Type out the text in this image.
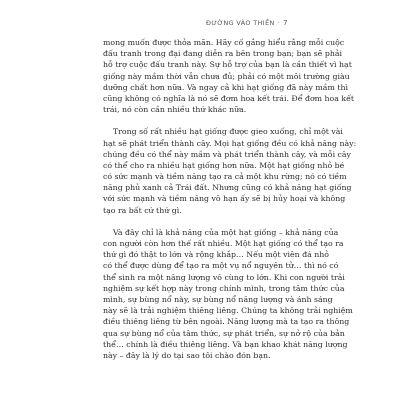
ĐƯỜNG VÀO THIỀN · 7
mong muốn được thỏa mãn. Hãy cố gắng hiểu rằng mỗi cuộc
đấu tranh trong đại đang diễn ra bên trong bạn; bạn sẽ phải
hỗ trợ cuộc đấu tranh này. Sự hỗ trợ của bạn là cần thiết vì hạt
giống này mầm thời vẫn chưa đủ; phải có một môi trường giàu
dưỡng chất hơn nữa. Và ngay cả khi hạt giống đã này mầm thì
cũng không có nghĩa là nó sẽ đơm hoa kết trái. Để đơm hoa kết
trái, nó còn cần nhiều thứ khác nữa.
Trong số rất nhiều hạt giống được gieo xuống, chỉ một vài
hạt sẽ phát triển thành cây. Mọi hạt giống đều có khả năng này:
chúng đều có thể này mầm và phát triển thành cây, và mỗi cây
có thể cho ra nhiều hạt giống hơn nữa. Một hạt giống nhỏ bé
có sức mạnh và tiềm năng tạo ra cả một khu rừng; nó có tiềm
năng phủ xanh cả Trái đất. Nhưng cũng có khả năng hạt giống
với sức mạnh và tiềm năng vô hạn ấy sẽ bị hủy hoại và không
tạo ra bất cứ thứ gì.
Và đây chỉ là khả năng của một hạt giống – khả năng của
con người còn hơn thế rất nhiều. Một hạt giống có thể tạo ra
thứ gì đó thật to lớn và rộng khắp… Nếu một viên đá nhỏ
có thể được dùng để tạo ra một vụ nổ nguyên tử… thì nó có
thể sinh ra một năng lượng vô cùng to lớn. Khi con người trải
nghiệm sự kết hợp này trong chính mình, trong tâm thức của
mình, sự bùng nổ này, sự bùng nổ năng lượng và ánh sáng
này sẽ là trải nghiệm thiêng liêng. Chúng ta không trải nghiệm
điều thiêng liêng từ bên ngoài. Năng lượng mà ta tạo ra thông
qua sự bùng nổ của tâm thức, sự phát triển, sự nở rộ của bản
thể… chính là điều thiêng liêng. Và bạn khao khát năng lượng
này – đây là lý do tại sao tôi chào đón bạn.
